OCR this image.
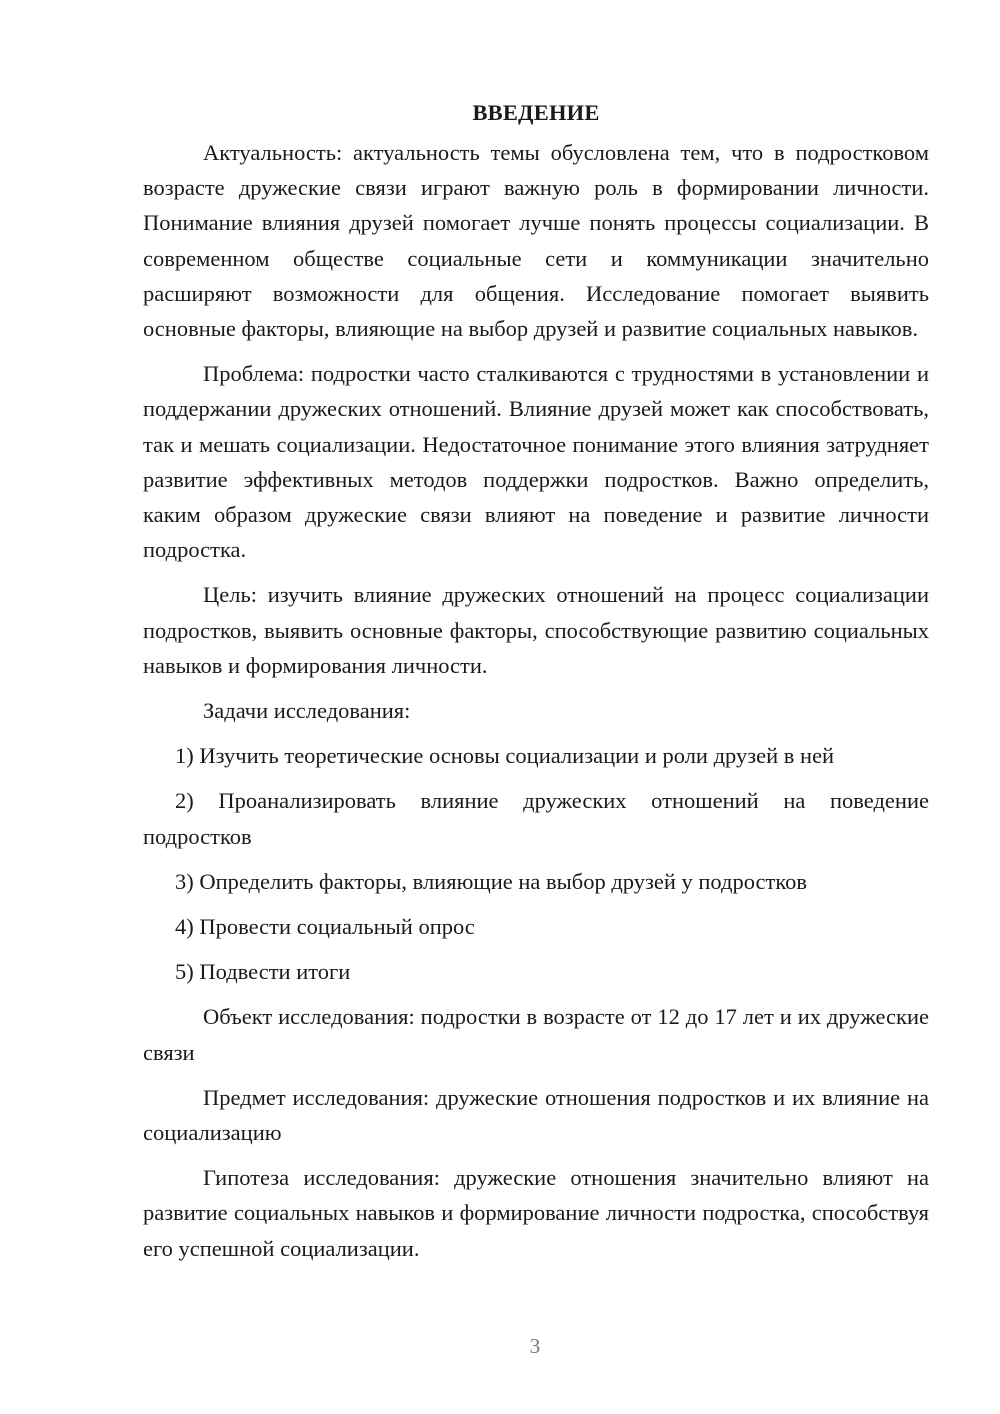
ВВЕДЕНИЕ

Актуальность: актуальность темы обусловлена тем, что в подростковом возрасте дружеские связи играют важную роль в формировании личности. Понимание влияния друзей помогает лучше понять процессы социализации. В современном обществе социальные сети и коммуникации значительно расширяют возможности для общения. Исследование помогает выявить основные факторы, влияющие на выбор друзей и развитие социальных навыков.

Проблема: подростки часто сталкиваются с трудностями в установлении и поддержании дружеских отношений. Влияние друзей может как способствовать, так и мешать социализации. Недостаточное понимание этого влияния затрудняет развитие эффективных методов поддержки подростков. Важно определить, каким образом дружеские связи влияют на поведение и развитие личности подростка.

Цель: изучить влияние дружеских отношений на процесс социализации подростков, выявить основные факторы, способствующие развитию социальных навыков и формирования личности.

Задачи исследования:

1) Изучить теоретические основы социализации и роли друзей в ней

2) Проанализировать влияние дружеских отношений на поведение подростков

3) Определить факторы, влияющие на выбор друзей у подростков

4) Провести социальный опрос

5) Подвести итоги

Объект исследования: подростки в возрасте от 12 до 17 лет и их дружеские связи

Предмет исследования: дружеские отношения подростков и их влияние на социализацию

Гипотеза исследования: дружеские отношения значительно влияют на развитие социальных навыков и формирование личности подростка, способствуя его успешной социализации.

3
